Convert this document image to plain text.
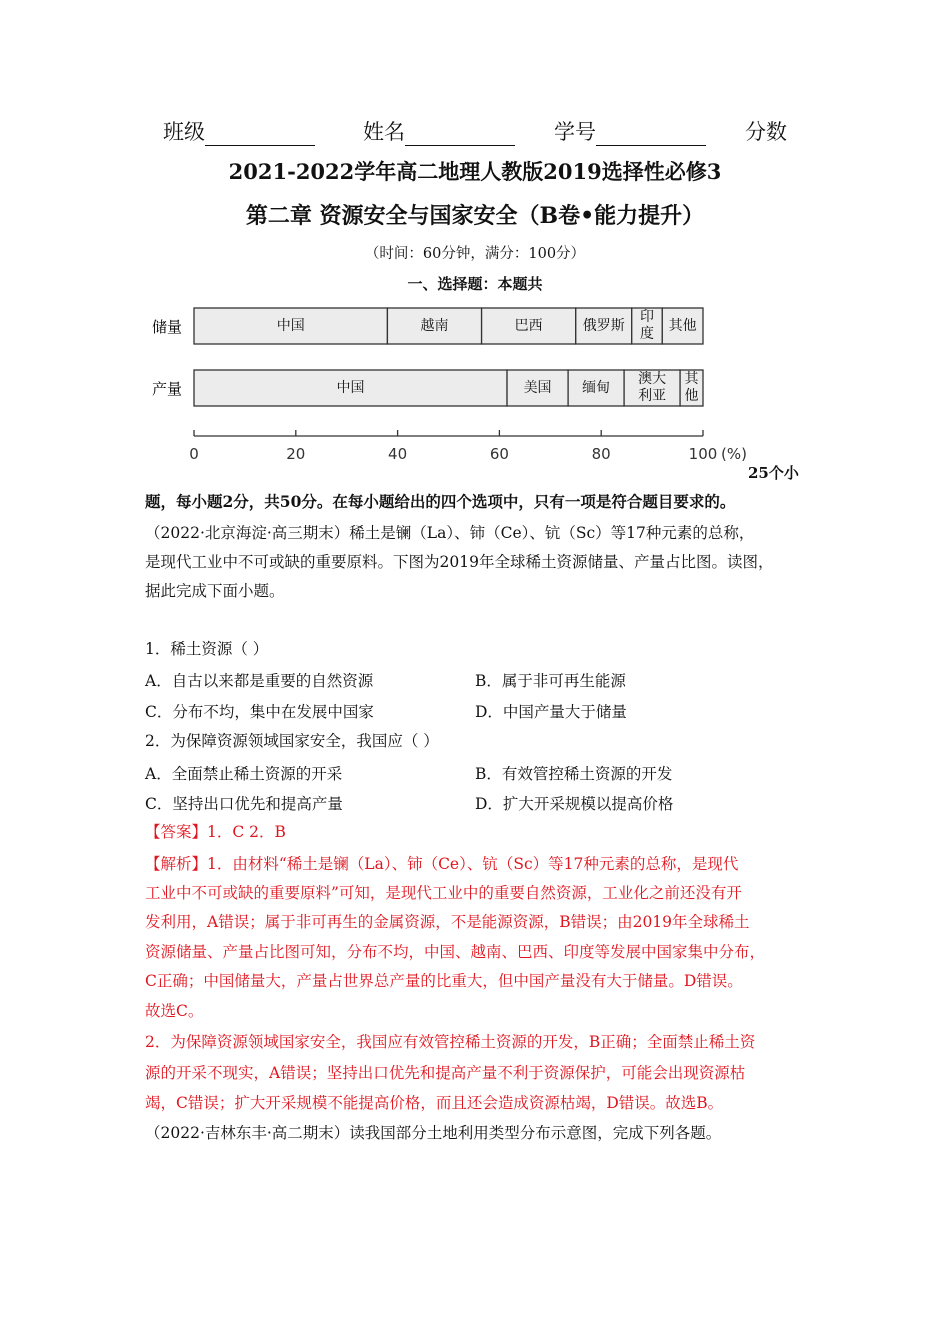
班级	姓名	学号	分数
2021-2022学年高二地理人教版2019选择性必修3
第二章 资源安全与国家安全（B卷•能力提升）
（时间：60分钟，满分：100分）
一、选择题：本题共
储量
产量
0	20	40	60	80	100 (%)
中国	越南	巴西	俄罗斯
印度
其他
中国	美国 缅甸
澳大利亚
其他
25个小
题，每小题2分，共50分。在每小题给出的四个选项中，只有一项是符合题目要求的。
（2022·北京海淀·高三期末）稀土是镧（La）、铈（Ce）、钪（Sc）等17种元素的总称，
是现代工业中不可或缺的重要原料。下图为2019年全球稀土资源储量、产量占比图。读图，
据此完成下面小题。
1．稀土资源（ ）
A．自古以来都是重要的自然资源	B．属于非可再生能源
C．分布不均，集中在发展中国家	D．中国产量大于储量
2．为保障资源领域国家安全，我国应（ ）
A．全面禁止稀土资源的开采	B．有效管控稀土资源的开发
C．坚持出口优先和提高产量	D．扩大开采规模以提高价格
【答案】1．C 2．B
【解析】1．由材料“稀土是镧（La）、铈（Ce）、钪（Sc）等17种元素的总称，是现代
工业中不可或缺的重要原料”可知，是现代工业中的重要自然资源，工业化之前还没有开
发利用，A错误；属于非可再生的金属资源，不是能源资源，B错误；由2019年全球稀土
资源储量、产量占比图可知，分布不均，中国、越南、巴西、印度等发展中国家集中分布，
C正确；中国储量大，产量占世界总产量的比重大，但中国产量没有大于储量。D错误。
故选C。
2．为保障资源领域国家安全，我国应有效管控稀土资源的开发，B正确；全面禁止稀土资
源的开采不现实，A错误；坚持出口优先和提高产量不利于资源保护，可能会出现资源枯
竭，C错误；扩大开采规模不能提高价格，而且还会造成资源枯竭，D错误。故选B。
（2022·吉林东丰·高二期末）读我国部分土地利用类型分布示意图，完成下列各题。
